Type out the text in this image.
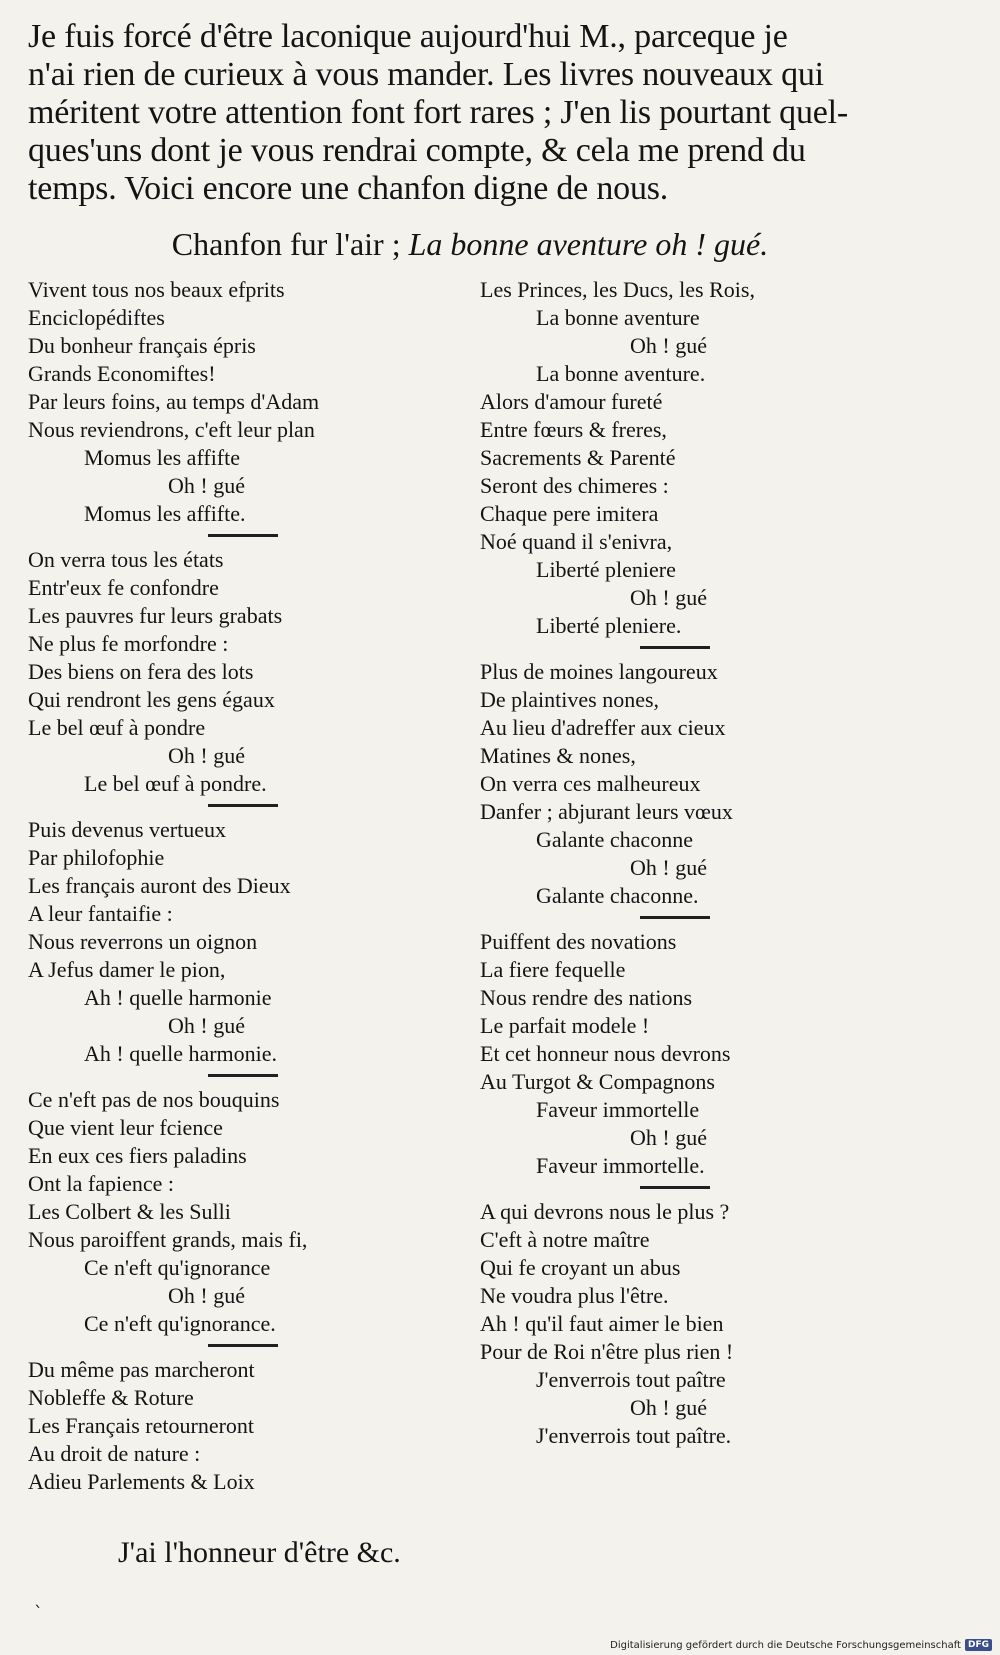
Je fuis forcé d'être laconique aujourd'hui M., parceque je
n'ai rien de curieux à vous mander. Les livres nouveaux qui
méritent votre attention font fort rares ; J'en lis pourtant quel-
ques'uns dont je vous rendrai compte, & cela me prend du
temps. Voici encore une chanfon digne de nous.
Chanfon fur l'air ; La bonne aventure oh ! gué.
Vivent tous nos beaux efprits
Enciclopédiftes
Du bonheur français épris
Grands Economiftes!
Par leurs foins, au temps d'Adam
Nous reviendrons, c'eft leur plan
Momus les affifte
Oh ! gué
Momus les affifte.
On verra tous les états
Entr'eux fe confondre
Les pauvres fur leurs grabats
Ne plus fe morfondre :
Des biens on fera des lots
Qui rendront les gens égaux
Le bel œuf à pondre
Oh ! gué
Le bel œuf à pondre.
Puis devenus vertueux
Par philofophie
Les français auront des Dieux
A leur fantaifie :
Nous reverrons un oignon
A Jefus damer le pion,
Ah ! quelle harmonie
Oh ! gué
Ah ! quelle harmonie.
Ce n'eft pas de nos bouquins
Que vient leur fcience
En eux ces fiers paladins
Ont la fapience :
Les Colbert & les Sulli
Nous paroiffent grands, mais fi,
Ce n'eft qu'ignorance
Oh ! gué
Ce n'eft qu'ignorance.
Du même pas marcheront
Nobleffe & Roture
Les Français retourneront
Au droit de nature :
Adieu Parlements & Loix
Les Princes, les Ducs, les Rois,
La bonne aventure
Oh ! gué
La bonne aventure.
Alors d'amour fureté
Entre fœurs & freres,
Sacrements & Parenté
Seront des chimeres :
Chaque pere imitera
Noé quand il s'enivra,
Liberté pleniere
Oh ! gué
Liberté pleniere.
Plus de moines langoureux
De plaintives nones,
Au lieu d'adreffer aux cieux
Matines & nones,
On verra ces malheureux
Danfer ; abjurant leurs vœux
Galante chaconne
Oh ! gué
Galante chaconne.
Puiffent des novations
La fiere fequelle
Nous rendre des nations
Le parfait modele !
Et cet honneur nous devrons
Au Turgot & Compagnons
Faveur immortelle
Oh ! gué
Faveur immortelle.
A qui devrons nous le plus ?
C'eft à notre maître
Qui fe croyant un abus
Ne voudra plus l'être.
Ah ! qu'il faut aimer le bien
Pour de Roi n'être plus rien !
J'enverrois tout paître
Oh ! gué
J'enverrois tout paître.
J'ai l'honneur d'être &c.
`
Digitalisierung gefördert durch die Deutsche Forschungsgemeinschaft DFG
